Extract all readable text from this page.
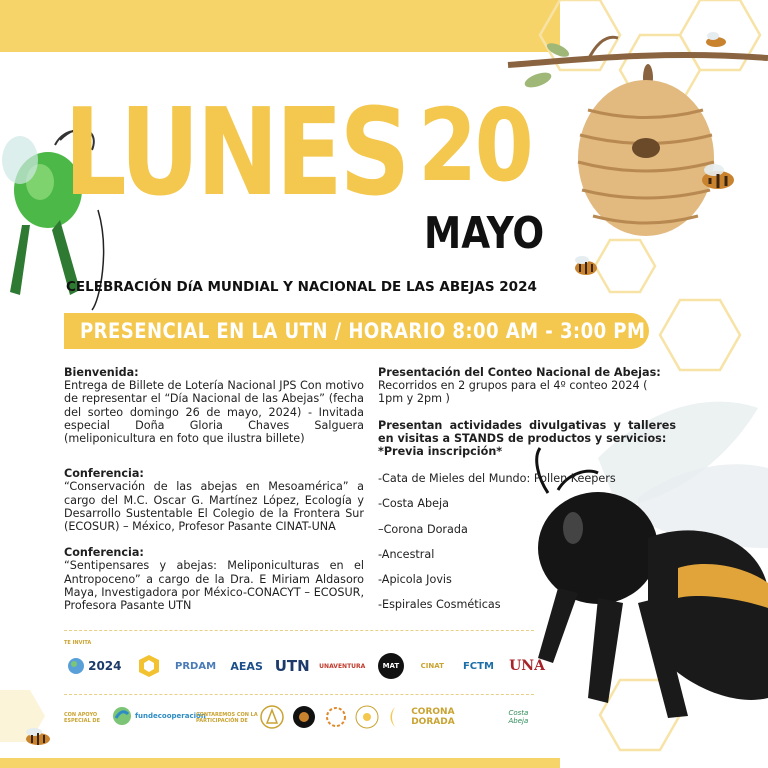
LUNES 20
MAYO
CELEBRACIÓN DíA MUNDIAL Y NACIONAL DE LAS ABEJAS 2024
PRESENCIAL EN LA UTN / HORARIO 8:00 AM - 3:00 PM
Bienvenida:
Entrega de Billete de Lotería Nacional JPS Con motivo de representar el “Día Nacional de las Abejas” (fecha del sorteo domingo 26 de mayo, 2024) - Invitada especial Doña Gloria Chaves Salguera (meliponicultura en foto que ilustra billete)
Conferencia:
“Conservación de las abejas en Mesoamérica” a cargo del M.C. Oscar G. Martínez López, Ecología y Desarrollo Sustentable El Colegio de la Frontera Sur (ECOSUR) – México, Profesor Pasante CINAT-UNA
Conferencia:
“Sentipensares y abejas: Meliponiculturas en el Antropoceno” a cargo de la Dra. E Miriam Aldasoro Maya, Investigadora por México-CONACYT – ECOSUR, Profesora Pasante UTN
Presentación del Conteo Nacional de Abejas:
Recorridos en 2 grupos para el 4º conteo 2024 ( 1pm y 2pm )
Presentan actividades divulgativas y talleres en visitas a STANDS de productos y servicios:
*Previa inscripción*
-Cata de Mieles del Mundo: Pollen Keepers
-Costa Abeja
–Corona Dorada
-Ancestral
-Apicola Jovis
-Espirales Cosméticas
TE INVITA
2024	PRDAM AEAS UTN UNAVENTURA	MAT	CINAT	FCTM UNA
CON APOYO ESPECIAL DE
fundecooperación
CONTAREMOS CON LA PARTICIPACIÓN DE
CORONA DORADA
Costa Abeja
